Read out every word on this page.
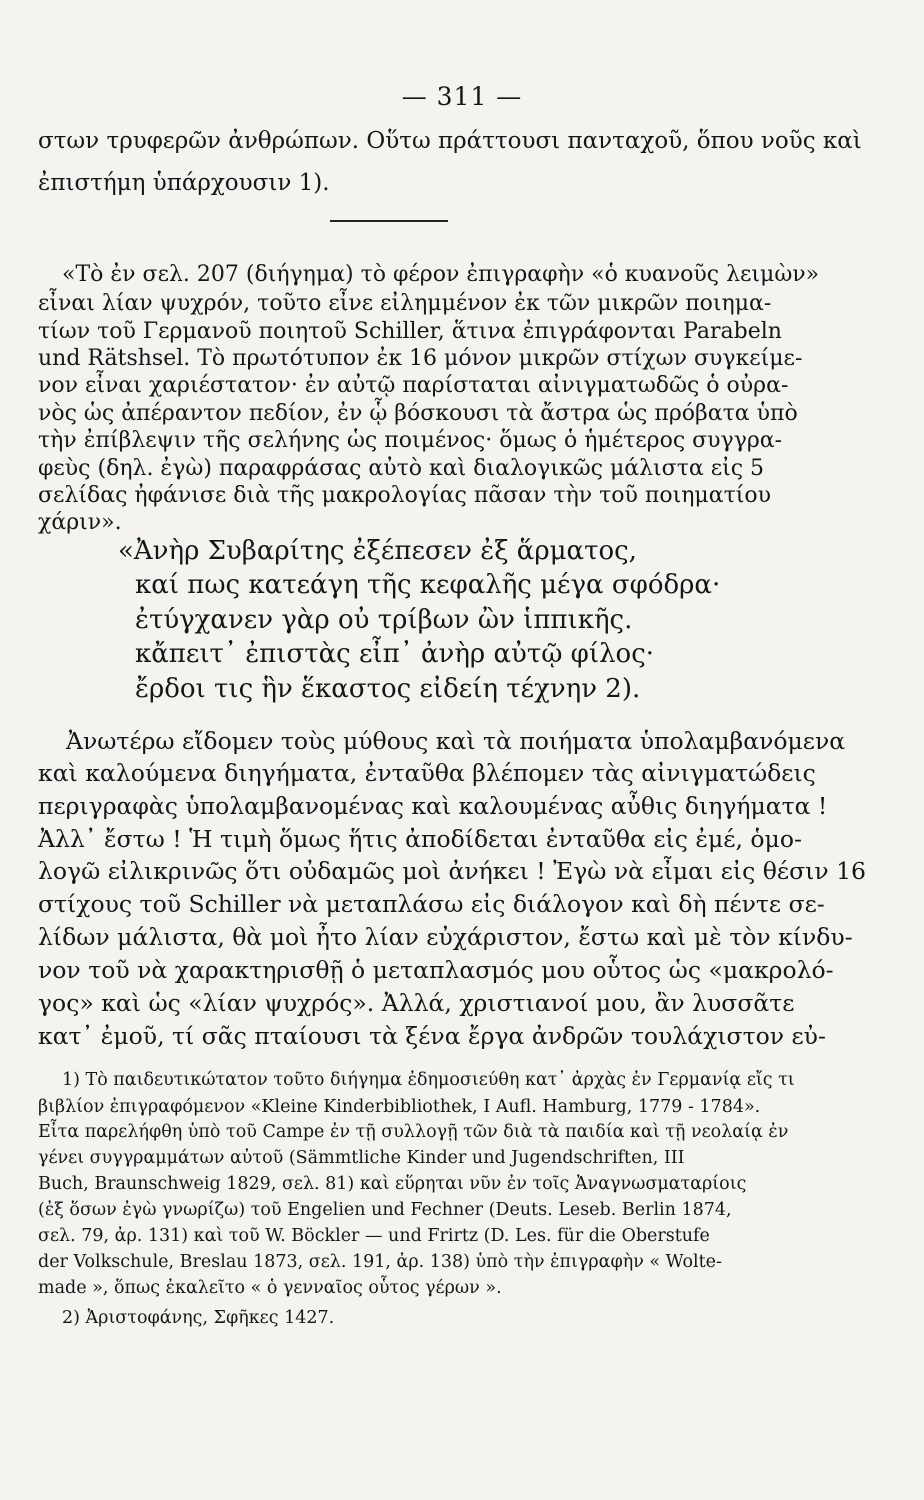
— 311 —
στων τρυφερῶν ἀνθρώπων. Οὕτω πράττουσι πανταχοῦ, ὅπου νοῦς καὶ
ἐπιστήμη ὑπάρχουσιν 1).
«Τὸ ἐν σελ. 207 (διήγημα) τὸ φέρον ἐπιγραφὴν «ὁ κυανοῦς λειμὼν»
εἶναι λίαν ψυχρόν, τοῦτο εἶνε εἰλημμένον ἐκ τῶν μικρῶν ποιημα-
τίων τοῦ Γερμανοῦ ποιητοῦ Schiller, ἅτινα ἐπιγράφονται Parabeln
und Rätshsel. Τὸ πρωτότυπον ἐκ 16 μόνον μικρῶν στίχων συγκείμε-
νον εἶναι χαριέστατον· ἐν αὐτῷ παρίσταται αἰνιγματωδῶς ὁ οὐρα-
νὸς ὡς ἀπέραντον πεδίον, ἐν ᾧ βόσκουσι τὰ ἄστρα ὡς πρόβατα ὑπὸ
τὴν ἐπίβλεψιν τῆς σελήνης ὡς ποιμένος· ὅμως ὁ ἡμέτερος συγγρα-
φεὺς (δηλ. ἐγὼ) παραφράσας αὐτὸ καὶ διαλογικῶς μάλιστα εἰς 5
σελίδας ἠφάνισε διὰ τῆς μακρολογίας πᾶσαν τὴν τοῦ ποιηματίου
χάριν».
«Ἀνὴρ Συβαρίτης ἐξέπεσεν ἐξ ἅρματος,
καί πως κατεάγη τῆς κεφαλῆς μέγα σφόδρα·
ἐτύγχανεν γὰρ οὐ τρίβων ὢν ἱππικῆς.
κἄπειτ᾽ ἐπιστὰς εἶπ᾽ ἀνὴρ αὐτῷ φίλος·
ἔρδοι τις ἣν ἕκαστος εἰδείη τέχνην 2).
Ἀνωτέρω εἴδομεν τοὺς μύθους καὶ τὰ ποιήματα ὑπολαμβανόμενα
καὶ καλούμενα διηγήματα, ἐνταῦθα βλέπομεν τὰς αἰνιγματώδεις
περιγραφὰς ὑπολαμβανομένας καὶ καλουμένας αὖθις διηγήματα !
Ἀλλ᾽ ἔστω ! Ἡ τιμὴ ὅμως ἥτις ἀποδίδεται ἐνταῦθα εἰς ἐμέ, ὁμο-
λογῶ εἰλικρινῶς ὅτι οὐδαμῶς μοὶ ἀνήκει ! Ἐγὼ νὰ εἶμαι εἰς θέσιν 16
στίχους τοῦ Schiller νὰ μεταπλάσω εἰς διάλογον καὶ δὴ πέντε σε-
λίδων μάλιστα, θὰ μοὶ ἦτο λίαν εὐχάριστον, ἔστω καὶ μὲ τὸν κίνδυ-
νον τοῦ νὰ χαρακτηρισθῇ ὁ μεταπλασμός μου οὗτος ὡς «μακρολό-
γος» καὶ ὡς «λίαν ψυχρός». Ἀλλά, χριστιανοί μου, ἂν λυσσᾶτε
κατ᾽ ἐμοῦ, τί σᾶς πταίουσι τὰ ξένα ἔργα ἀνδρῶν τουλάχιστον εὐ-
1) Τὸ παιδευτικώτατον τοῦτο διήγημα ἐδημοσιεύθη κατ᾽ ἀρχὰς ἐν Γερμανίᾳ εἴς τι
βιβλίον ἐπιγραφόμενον «Kleine Kinderbibliothek, I Aufl. Hamburg, 1779 - 1784».
Εἶτα παρελήφθη ὑπὸ τοῦ Campe ἐν τῇ συλλογῇ τῶν διὰ τὰ παιδία καὶ τῇ νεολαίᾳ ἐν
γένει συγγραμμάτων αὐτοῦ (Sämmtliche Kinder und Jugendschriften, III
Buch, Braunschweig 1829, σελ. 81) καὶ εὕρηται νῦν ἐν τοῖς Ἀναγνωσματαρίοις
(ἐξ ὅσων ἐγὼ γνωρίζω) τοῦ Engelien und Fechner (Deuts. Leseb. Berlin 1874,
σελ. 79, ἀρ. 131) καὶ τοῦ W. Böckler — und Frirtz (D. Les. für die Oberstufe
der Volkschule, Breslau 1873, σελ. 191, ἀρ. 138) ὑπὸ τὴν ἐπιγραφὴν « Wolte-
made », ὅπως ἐκαλεῖτο « ὁ γενναῖος οὗτος γέρων ».
2) Ἀριστοφάνης, Σφῆκες 1427.
